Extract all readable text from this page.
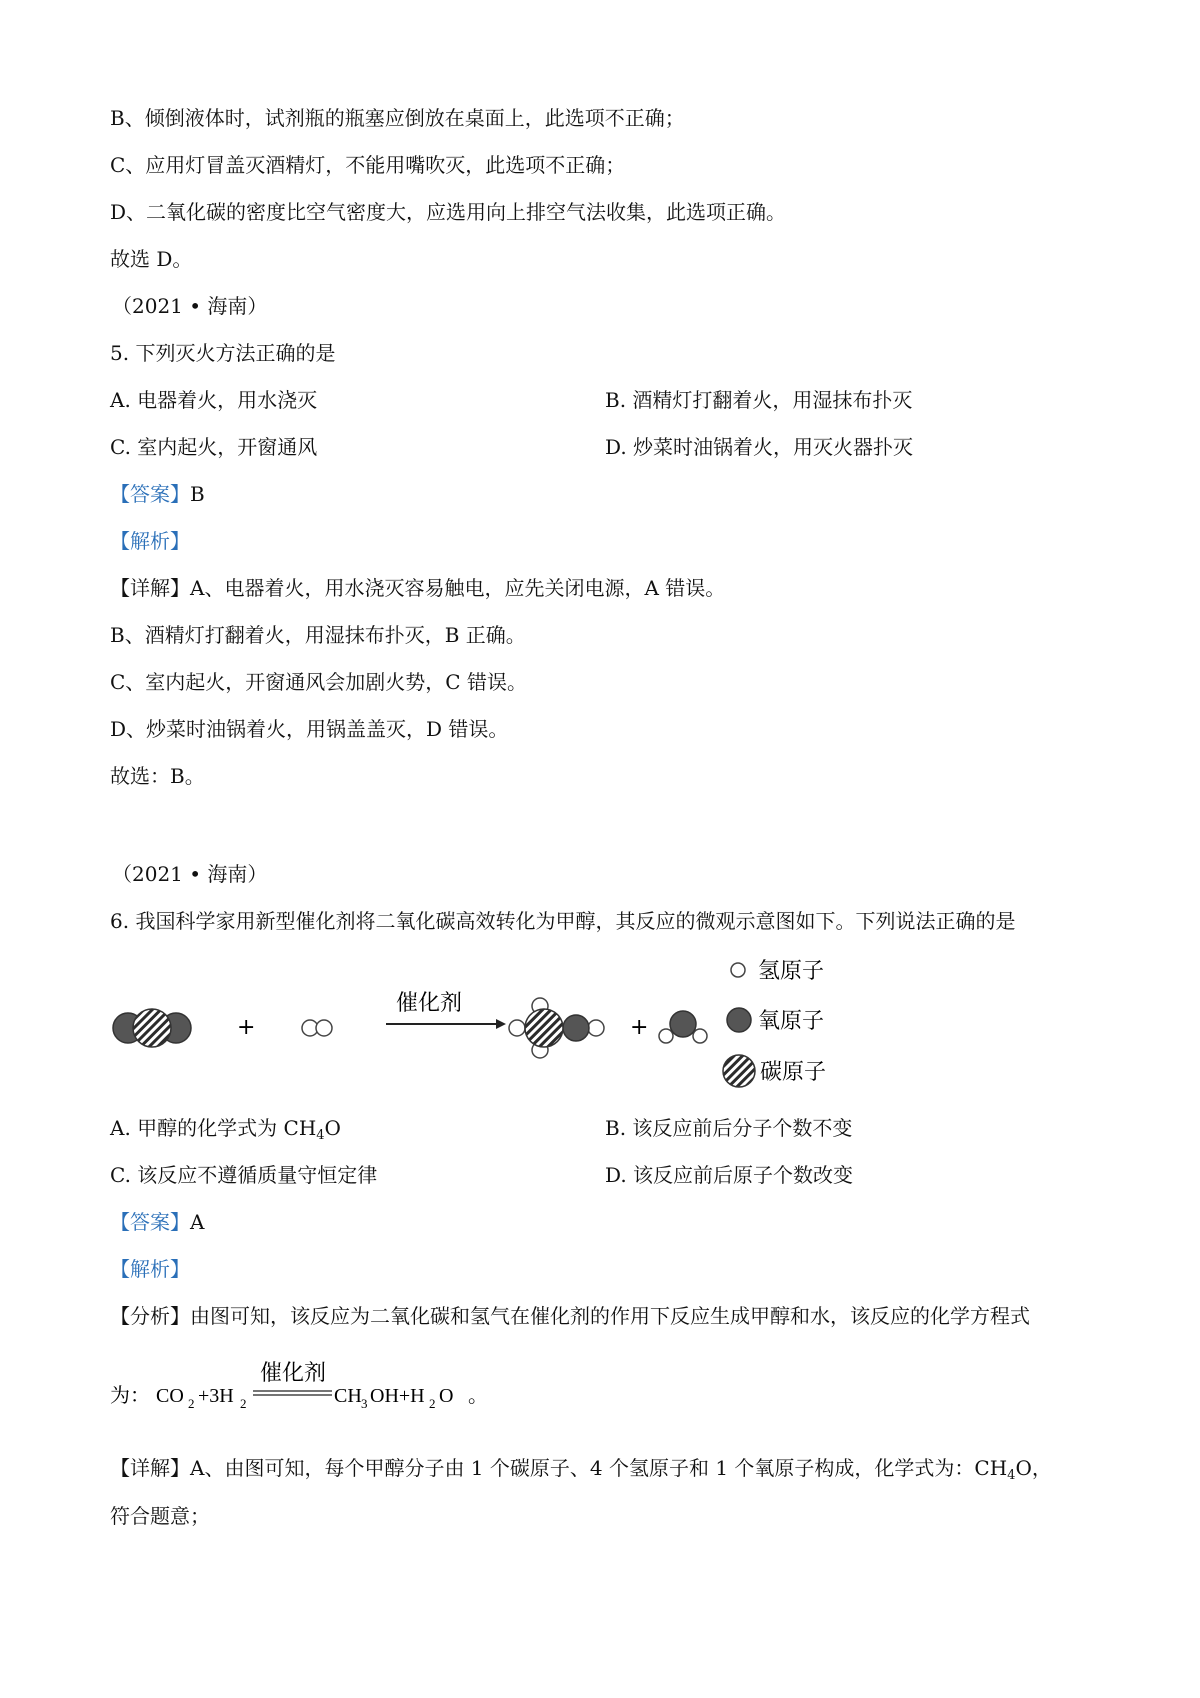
B、倾倒液体时，试剂瓶的瓶塞应倒放在桌面上，此选项不正确；
C、应用灯冒盖灭酒精灯，不能用嘴吹灭，此选项不正确；
D、二氧化碳的密度比空气密度大，应选用向上排空气法收集，此选项正确。
故选 D。
（2021 • 海南）
5. 下列灭火方法正确的是
A. 电器着火，用水浇灭	B. 酒精灯打翻着火，用湿抹布扑灭
C. 室内起火，开窗通风	D. 炒菜时油锅着火，用灭火器扑灭
【答案】B
【解析】
【详解】A、电器着火，用水浇灭容易触电，应先关闭电源，A 错误。
B、酒精灯打翻着火，用湿抹布扑灭，B 正确。
C、室内起火，开窗通风会加剧火势，C 错误。
D、炒菜时油锅着火，用锅盖盖灭，D 错误。
故选：B。
（2021 • 海南）
6. 我国科学家用新型催化剂将二氧化碳高效转化为甲醇，其反应的微观示意图如下。下列说法正确的是
+
催化剂
+
氢原子
氧原子
碳原子
A. 甲醇的化学式为 $CH_4O$	B. 该反应前后分子个数不变
C. 该反应不遵循质量守恒定律	D. 该反应前后原子个数改变
【答案】A
【解析】
【分析】由图可知，该反应为二氧化碳和氢气在催化剂的作用下反应生成甲醇和水，该反应的化学方程式
为： CO 2 +3H 2
催化剂
CH 3 OH+H 2 O 。
【详解】A、由图可知，每个甲醇分子由 1 个碳原子、4 个氢原子和 1 个氧原子构成，化学式为：$CH_4O$，
符合题意；
